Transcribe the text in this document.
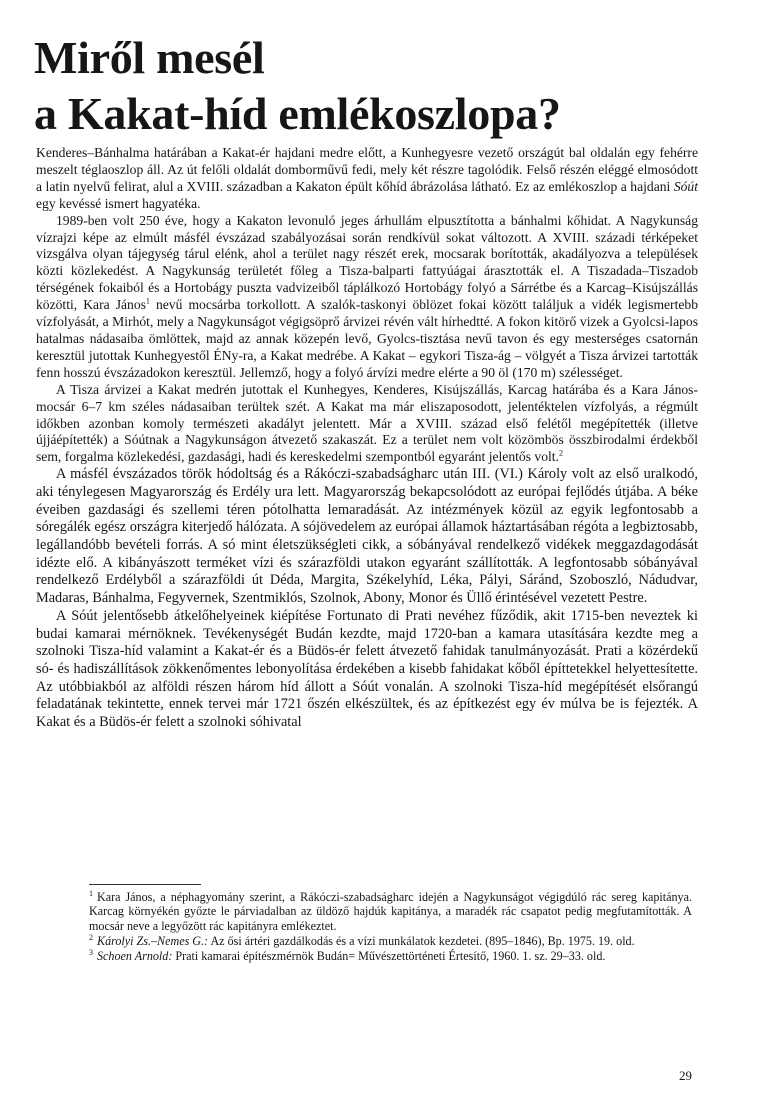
Miről mesél
a Kakat-híd emlékoszlopa?

Kenderes–Bánhalma határában a Kakat-ér hajdani medre előtt, a Kunhegyesre vezető országút bal oldalán egy fehérre meszelt téglaoszlop áll. Az út felőli oldalát domborművű fedi, mely két részre tagolódik. Felső részén eléggé elmosódott a latin nyelvű felirat, alul a XVIII. században a Kakaton épült kőhíd ábrázolása látható. Ez az emlékoszlop a hajdani Sóút egy kevéssé ismert hagyatéka.

1989-ben volt 250 éve, hogy a Kakaton levonuló jeges árhullám elpusztította a bánhalmi kőhidat. A Nagykunság vízrajzi képe az elmúlt másfél évszázad szabályozásai során rendkívül sokat változott. A XVIII. századi térképeket vizsgálva olyan tájegység tárul elénk, ahol a terület nagy részét erek, mocsarak borították, akadályozva a települések közti közlekedést. A Nagykunság területét főleg a Tisza-balparti fattyúágai árasztották el. A Tiszadada–Tiszadob térségének fokaiból és a Hortobágy puszta vadvizeiből táplálkozó Hortobágy folyó a Sárrétbe és a Karcag–Kisújszállás közötti, Kara János$^1$ nevű mocsárba torkollott. A szalók-taskonyi öblözet fokai között találjuk a vidék legismertebb vízfolyását, a Mirhót, mely a Nagykunságot végigsöprő árvizei révén vált hírhedtté. A fokon kitörő vizek a Gyolcsi-lapos hatalmas nádasaiba ömlöttek, majd az annak közepén levő, Gyolcs-tisztása nevű tavon és egy mesterséges csatornán keresztül jutottak Kunhegyestől ÉNy-ra, a Kakat medrébe. A Kakat – egykori Tisza-ág – völgyét a Tisza árvizei tartották fenn hosszú évszázadokon keresztül. Jellemző, hogy a folyó árvízi medre elérte a 90 öl (170 m) szélességet.

A Tisza árvizei a Kakat medrén jutottak el Kunhegyes, Kenderes, Kisújszállás, Karcag határába és a Kara János-mocsár 6–7 km széles nádasaiban terültek szét. A Kakat ma már eliszaposodott, jelentéktelen vízfolyás, a régmúlt időkben azonban komoly természeti akadályt jelentett. Már a XVIII. század első felétől megépítették (illetve újjáépítették) a Sóútnak a Nagykunságon átvezető szakaszát. Ez a terület nem volt közömbös összbirodalmi érdekből sem, forgalma közlekedési, gazdasági, hadi és kereskedelmi szempontból egyaránt jelentős volt.$^2$

A másfél évszázados török hódoltság és a Rákóczi-szabadságharc után III. (VI.) Károly volt az első uralkodó, aki ténylegesen Magyarország és Erdély ura lett. Magyarország bekapcsolódott az európai fejlődés útjába. A béke éveiben gazdasági és szellemi téren pótolhatta lemaradását. Az intézmények közül az egyik legfontosabb a sóregálék egész országra kiterjedő hálózata. A sójövedelem az európai államok háztartásában régóta a legbiztosabb, legállandóbb bevételi forrás. A só mint életszükségleti cikk, a sóbányával rendelkező vidékek meggazdagodását idézte elő. A kibányászott terméket vízi és szárazföldi utakon egyaránt szállították. A legfontosabb sóbányával rendelkező Erdélyből a szárazföldi út Déda, Margita, Székelyhíd, Léka, Pályi, Sáránd, Szoboszló, Nádudvar, Madaras, Bánhalma, Fegyvernek, Szentmiklós, Szolnok, Abony, Monor és Üllő érintésével vezetett Pestre.

A Sóút jelentősebb átkelőhelyeinek kiépítése Fortunato di Prati nevéhez fűződik, akit 1715-ben neveztek ki budai kamarai mérnöknek. Tevékenységét Budán kezdte, majd 1720-ban a kamara utasítására kezdte meg a szolnoki Tisza-híd valamint a Kakat-ér és a Büdös-ér felett átvezető fahidak tanulmányozását. Prati a közérdekű só- és hadiszállítások zökkenőmentes lebonyolítása érdekében a kisebb fahidakat kőből építtetekkel helyettesítette. Az utóbbiakból az alföldi részen három híd állott a Sóút vonalán. A szolnoki Tisza-híd megépítését elsőrangú feladatának tekintette, ennek tervei már 1721 őszén elkészültek, és az építkezést egy év múlva be is fejezték. A Kakat és a Büdös-ér felett a szolnoki sóhivatal

$^1$ Kara János, a néphagyomány szerint, a Rákóczi-szabadságharc idején a Nagykunságot végigdúló rác sereg kapitánya. Karcag környékén győzte le párviadalban az üldöző hajdúk kapitánya, a maradék rác csapatot pedig megfutamították. A mocsár neve a legyőzött rác kapitányra emlékeztet.

$^2$ Károlyi Zs.–Nemes G.: Az ősi ártéri gazdálkodás és a vízi munkálatok kezdetei. (895–1846), Bp. 1975. 19. old.

$^3$ Schoen Arnold: Prati kamarai építészmérnök Budán= Művészettörténeti Értesítő, 1960. 1. sz. 29–33. old.

29
